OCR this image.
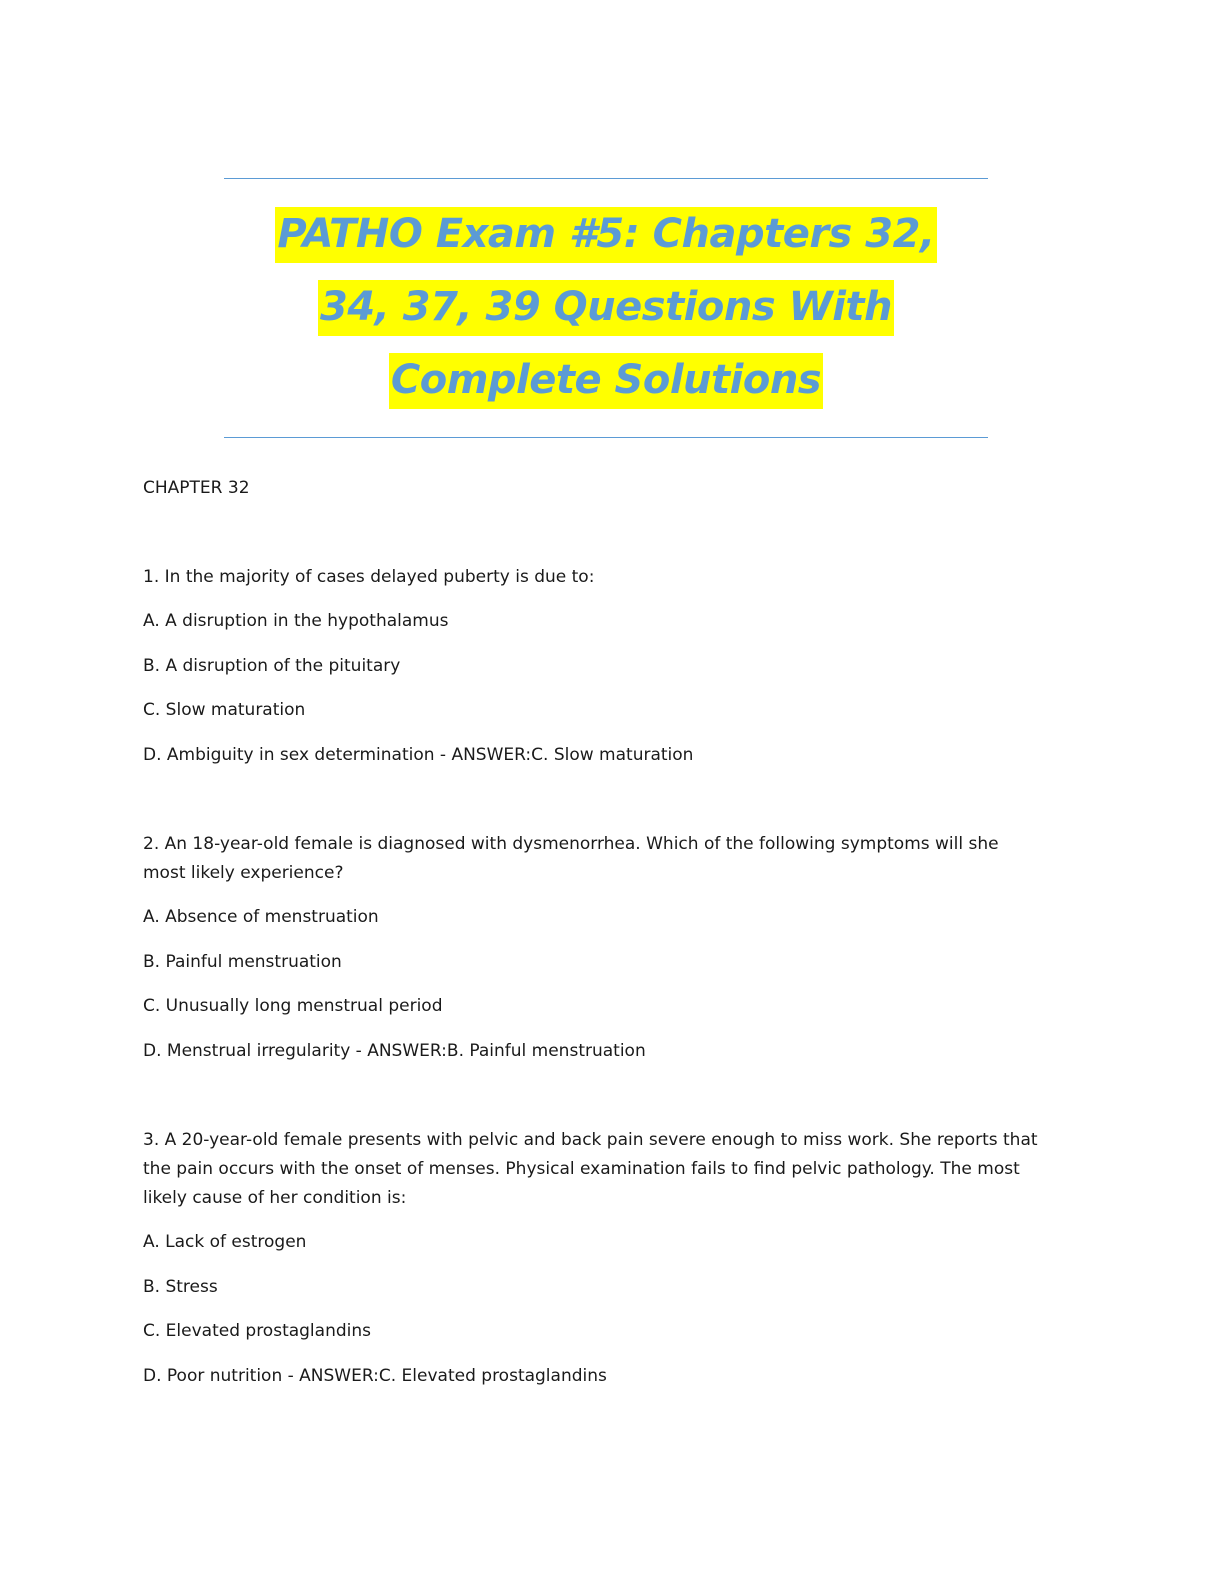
PATHO Exam #5: Chapters 32,
34, 37, 39 Questions With
Complete Solutions
CHAPTER 32
1. In the majority of cases delayed puberty is due to:
A. A disruption in the hypothalamus
B. A disruption of the pituitary
C. Slow maturation
D. Ambiguity in sex determination - ANSWER:C. Slow maturation
2. An 18-year-old female is diagnosed with dysmenorrhea. Which of the following symptoms will she
most likely experience?
A. Absence of menstruation
B. Painful menstruation
C. Unusually long menstrual period
D. Menstrual irregularity - ANSWER:B. Painful menstruation
3. A 20-year-old female presents with pelvic and back pain severe enough to miss work. She reports that
the pain occurs with the onset of menses. Physical examination fails to find pelvic pathology. The most
likely cause of her condition is:
A. Lack of estrogen
B. Stress
C. Elevated prostaglandins
D. Poor nutrition - ANSWER:C. Elevated prostaglandins
